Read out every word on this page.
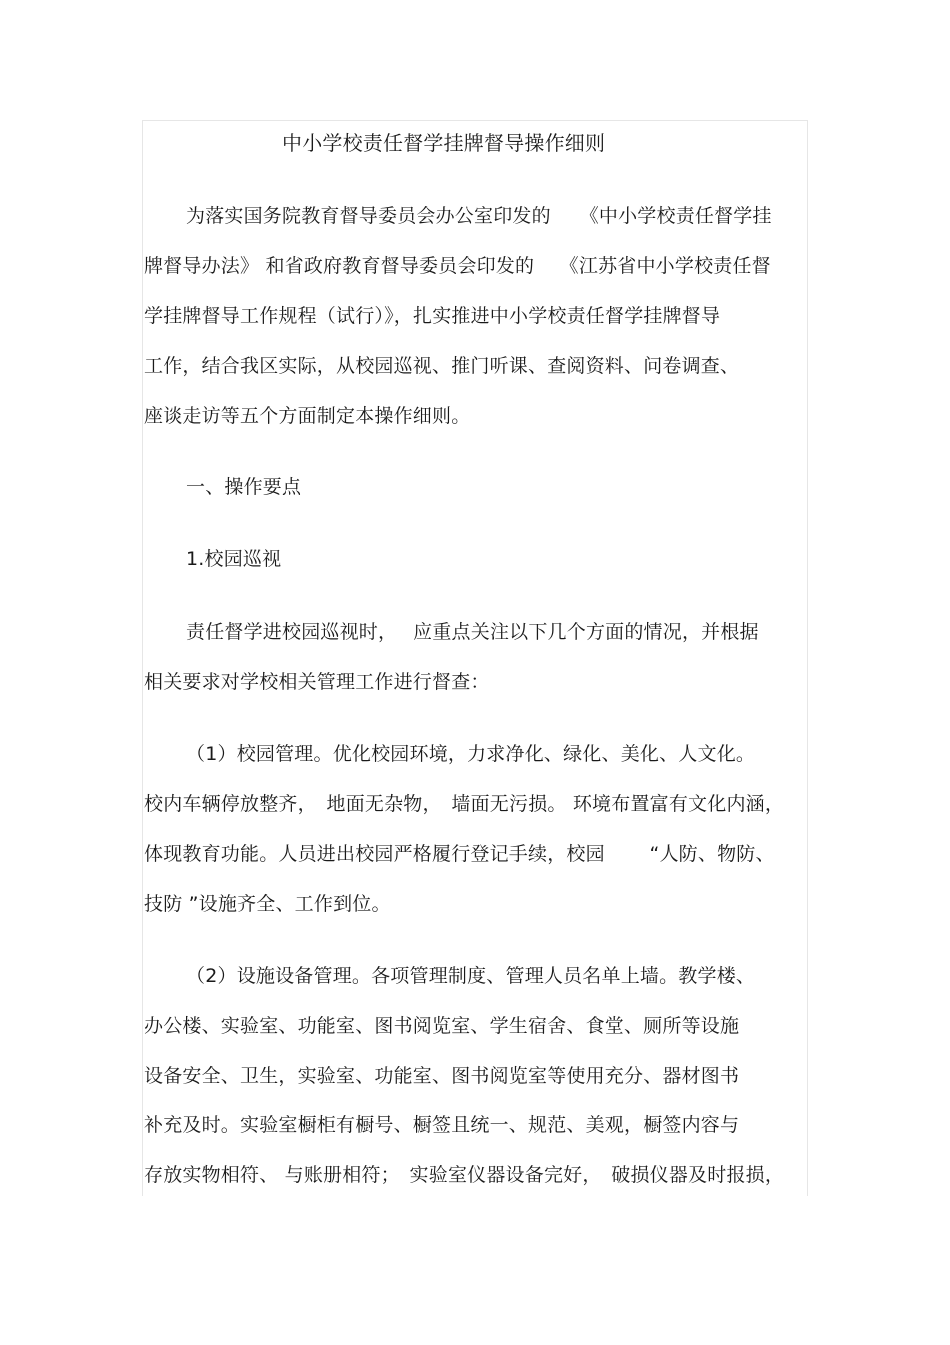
中小学校责任督学挂牌督导操作细则
为落实国务院教育督导委员会办公室印发的　　《中小学校责任督学挂
牌督导办法》 和省政府教育督导委员会印发的　 《江苏省中小学校责任督
学挂牌督导工作规程（试行）》，扎实推进中小学校责任督学挂牌督导
工作，结合我区实际，从校园巡视、推门听课、查阅资料、问卷调查、
座谈走访等五个方面制定本操作细则。
一、操作要点
1.校园巡视
责任督学进校园巡视时，　 应重点关注以下几个方面的情况，并根据
相关要求对学校相关管理工作进行督查：
（1）校园管理。优化校园环境，力求净化、绿化、美化、人文化。
校内车辆停放整齐，　地面无杂物，　墙面无污损。 环境布置富有文化内涵，
体现教育功能。人员进出校园严格履行登记手续，校园　　 “人防、物防、
技防 ”设施齐全、工作到位。
（2）设施设备管理。各项管理制度、管理人员名单上墙。教学楼、
办公楼、实验室、功能室、图书阅览室、学生宿舍、食堂、厕所等设施
设备安全、卫生，实验室、功能室、图书阅览室等使用充分、器材图书
补充及时。实验室橱柜有橱号、橱签且统一、规范、美观，橱签内容与
存放实物相符、 与账册相符；　实验室仪器设备完好，　破损仪器及时报损，
